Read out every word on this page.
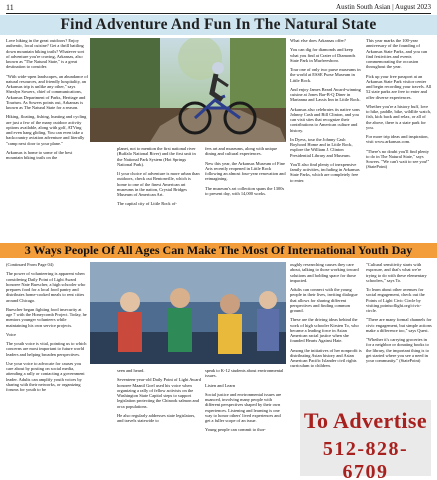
11	Austin South Asian | August 2023
Find Adventure And Fun In The Natural State

Love hiking in the great outdoors? Enjoy authentic, local cuisine? Get a thrill battling down mountain biking trails? Whatever sort of adventure you're craving, Arkansas, also known as "The Natural State," is a great destination to consider.

"With wide-open landscapes, an abundance of natural resources, and friendly hospitality, an Arkansas trip is unlike any other," says Shealyn Sowers, chief of communications, Arkansas Department of Parks, Heritage and Tourism. As Sowers points out, Arkansas is known as The Natural State for a reason.

Hiking, floating, fishing, hunting and cycling are just a few of the many outdoor activity options available, along with golf, ATVing and even hang gliding. You can even take a backcountry aviation adventure and literally "camp next door to your plane."

Arkansas is home to some of the best mountain biking trails on the

planet, not to mention the first national river (Buffalo National River) and the first unit in the National Park System (Hot Springs National Park).

If your choice of adventure is more urban than outdoors, check out Bentonville, which is home to one of the finest American art museums in the nation, Crystal Bridges Museum of American Art.

The capital city of Little Rock of-

fers art and museums, along with unique dining and cultural experiences.

New this year, the Arkansas Museum of Fine Arts recently reopened in Little Rock following an almost four-year renovation and reimagining.

The museum's art collection spans the 1300s to present day, with 14,000 works.

What else does Arkansas offer?

You can dig for diamonds and keep what you find at Crater of Diamonds State Park in Murfreesboro.

Tour one of only two purse museums in the world at ESSE Purse Museum in Little Rock.

And enjoy James Beard Award-winning cuisine at Jones Bar-B-Q Diner in Marianna and Lassis Inn in Little Rock.

Arkansas also celebrates its native sons Johnny Cash and Bill Clinton, and you can visit sites that recognize their contributions to American culture and history.

In Dyess, tour the Johnny Cash Boyhood Home and in Little Rock, explore the William J. Clinton Presidential Library and Museum.

You'll also find plenty of inexpensive family activities, including in Arkansas State Parks, which are completely free to enter.

This year marks the 100-year anniversary of the founding of Arkansas State Parks, and you can find festivities and events commemorating the occasion throughout the year.

Pick up your free passport at an Arkansas State Park visitor center and begin recording your travels. All 52 state parks are free to enter and offer diverse experiences.

Whether you're a history buff, love to hike, paddle, bike, wildlife watch, fish, kick back and relax, or all of the above, there is a state park for you.

For more trip ideas and inspiration, visit www.arkansas.com.

"There's no doubt you'll find plenty to do in The Natural State," says Sowers. "We can't wait to see you!" (StatePoint)

3 Ways People Of All Ages Can Make The Most Of International Youth Day

(Continued From Page 04)

The power of volunteering is apparent when considering Daily Point of Light Award honoree Nate Buescher, a high schooler who prepares food for a local food pantry and distributes home-cooked meals to rent cities around Chicago.

Buescher began fighting food insecurity at age 7 with the Honeycomb Project. Today, he mentors younger volunteers while maintaining his own service projects.

Voice

The youth voice is vital, pointing us to which concerns are most important to future world leaders and helping broaden perspectives.

Use your voice to advocate for causes you care about by posting on social media, attending a rally or contacting a government leader. Adults can amplify youth voices by sharing with their networks, or organizing forums for youth to be

seen and heard.

Seventeen-year-old Daily Point of Light Award honoree Maanil Goel used his voice when organizing a rally of fellow activists on the Washington State Capitol steps to support legislation protecting the Chinook salmon and orca populations.

He also regularly addresses state legislators, and travels statewide to

speak to K-12 students about environmental issues.

Listen and Learn

Social justice and environmental issues are nuanced, involving many people with different perspectives shaped by their own experiences. Listening and learning is one way to honor others' lived experiences and get a fuller scope of an issue.

Young people can commit to thor-

oughly researching causes they care about, talking to those working toward solutions and holding space for those impacted.

Adults can connect with the young people in their lives, inviting dialogue that allows for sharing different perspectives and finding common ground.

These are the driving ideas behind the work of high schooler Kirsten To, who became a leading force in Asian American racial justice when she founded Hearts Against Hate.

Among the initiatives of her nonprofit is distributing Asian history and Asian American Pacific Islander civil rights curriculum to children.

"Cultural sensitivity starts with exposure, and that's what we're trying to do with these elementary schoolers," says To.

To learn about other avenues for social engagement, check out the Points of Light Civic Circle by visiting pointsoflight.org/civic-circle.

"There are many formal channels for civic engagement, but simple actions make a difference too," says Quest.

"Whether it's carrying groceries in for a neighbor or donating books to the library, the important thing is to get started where you see a need in your community." (StatePoint)

To Advertise
512-828-6709
